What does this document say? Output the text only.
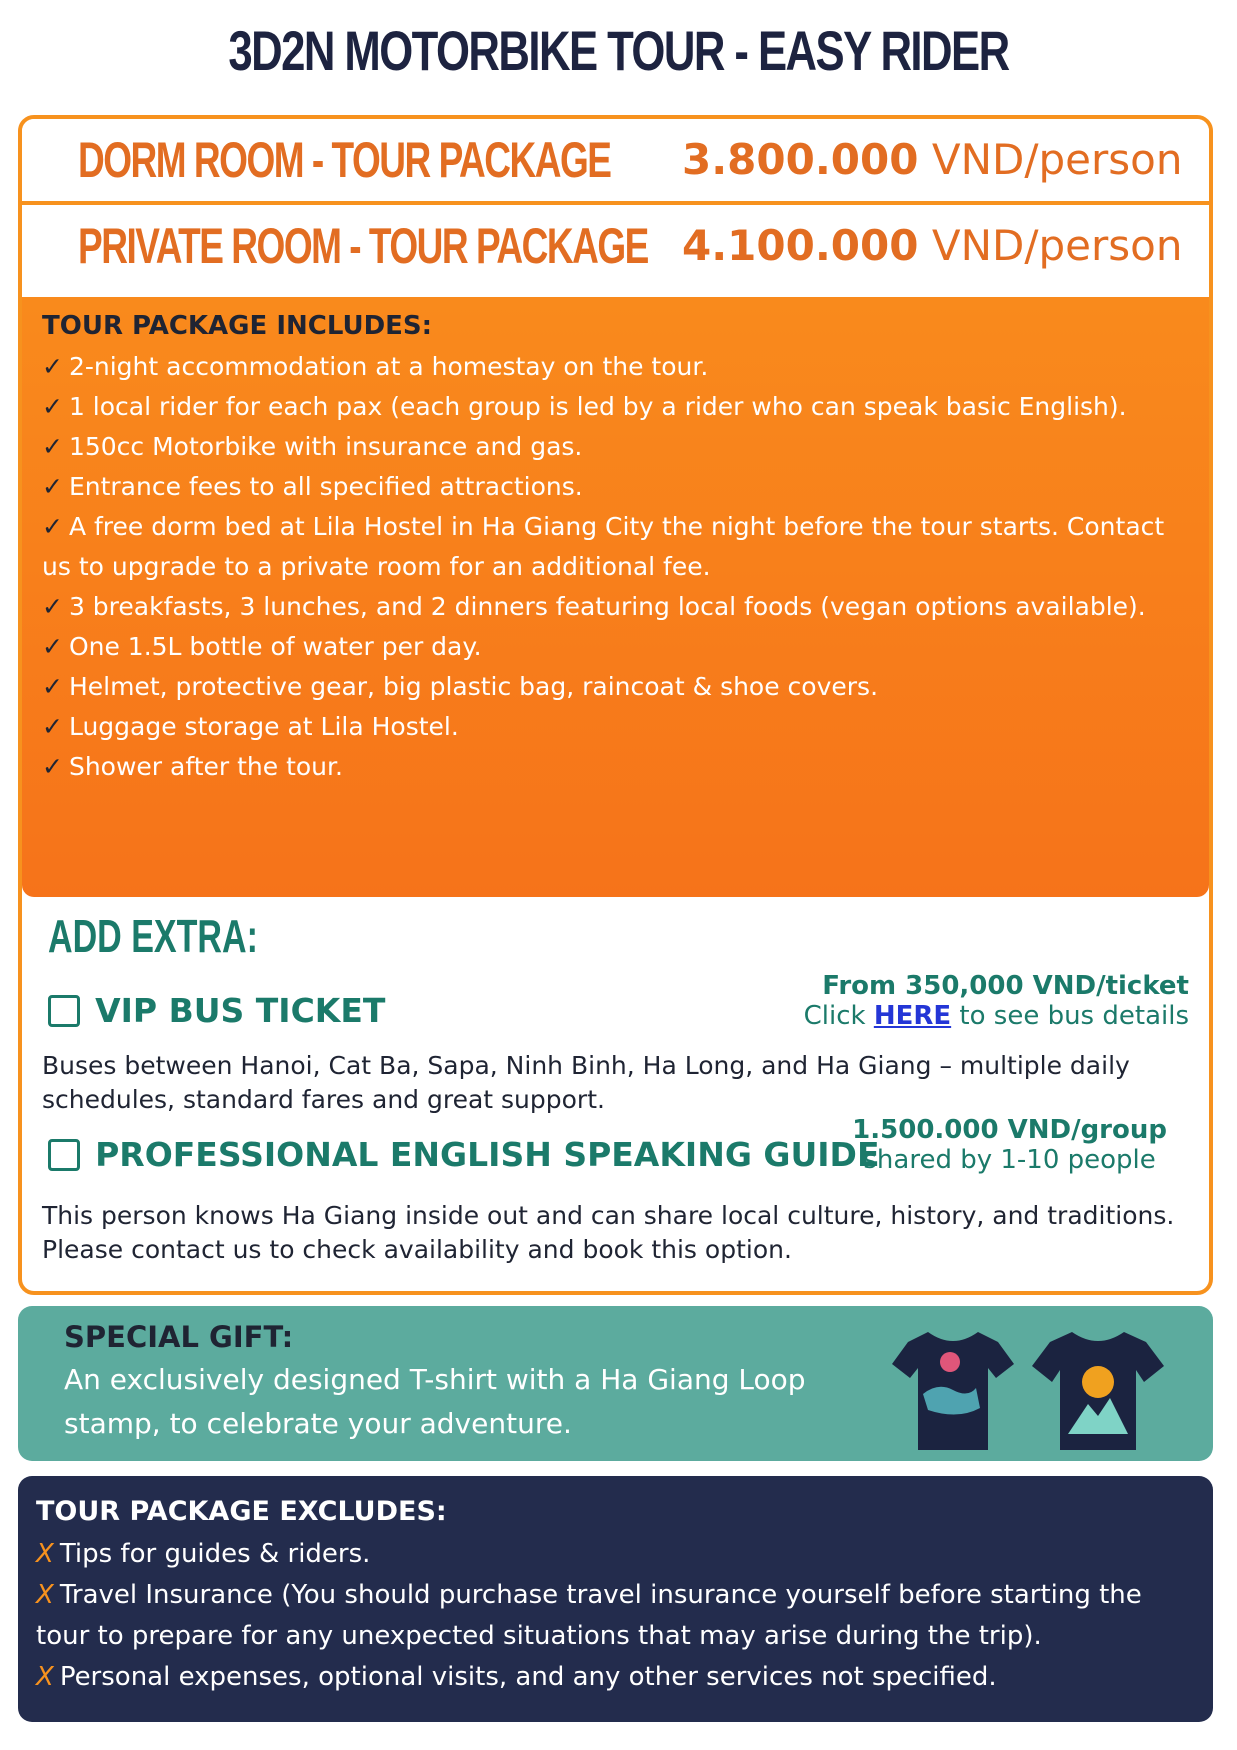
3D2N MOTORBIKE TOUR - EASY RIDER
DORM ROOM - TOUR PACKAGE 3.800.000 VND/person
PRIVATE ROOM - TOUR PACKAGE 4.100.000 VND/person
TOUR PACKAGE INCLUDES:
✓ 2-night accommodation at a homestay on the tour.
✓ 1 local rider for each pax (each group is led by a rider who can speak basic English).
✓ 150cc Motorbike with insurance and gas.
✓ Entrance fees to all specified attractions.
✓ A free dorm bed at Lila Hostel in Ha Giang City the night before the tour starts. Contact us to upgrade to a private room for an additional fee.
✓ 3 breakfasts, 3 lunches, and 2 dinners featuring local foods (vegan options available).
✓ One 1.5L bottle of water per day.
✓ Helmet, protective gear, big plastic bag, raincoat & shoe covers.
✓ Luggage storage at Lila Hostel.
✓ Shower after the tour.
ADD EXTRA:
VIP BUS TICKET
From 350,000 VND/ticket
Click HERE to see bus details
Buses between Hanoi, Cat Ba, Sapa, Ninh Binh, Ha Long, and Ha Giang – multiple daily schedules, standard fares and great support.
PROFESSIONAL ENGLISH SPEAKING GUIDE
1.500.000 VND/group
shared by 1-10 people
This person knows Ha Giang inside out and can share local culture, history, and traditions.
Please contact us to check availability and book this option.
SPECIAL GIFT:
An exclusively designed T-shirt with a Ha Giang Loop stamp, to celebrate your adventure.
TOUR PACKAGE EXCLUDES:
X Tips for guides & riders.
X Travel Insurance (You should purchase travel insurance yourself before starting the tour to prepare for any unexpected situations that may arise during the trip).
X Personal expenses, optional visits, and any other services not specified.
